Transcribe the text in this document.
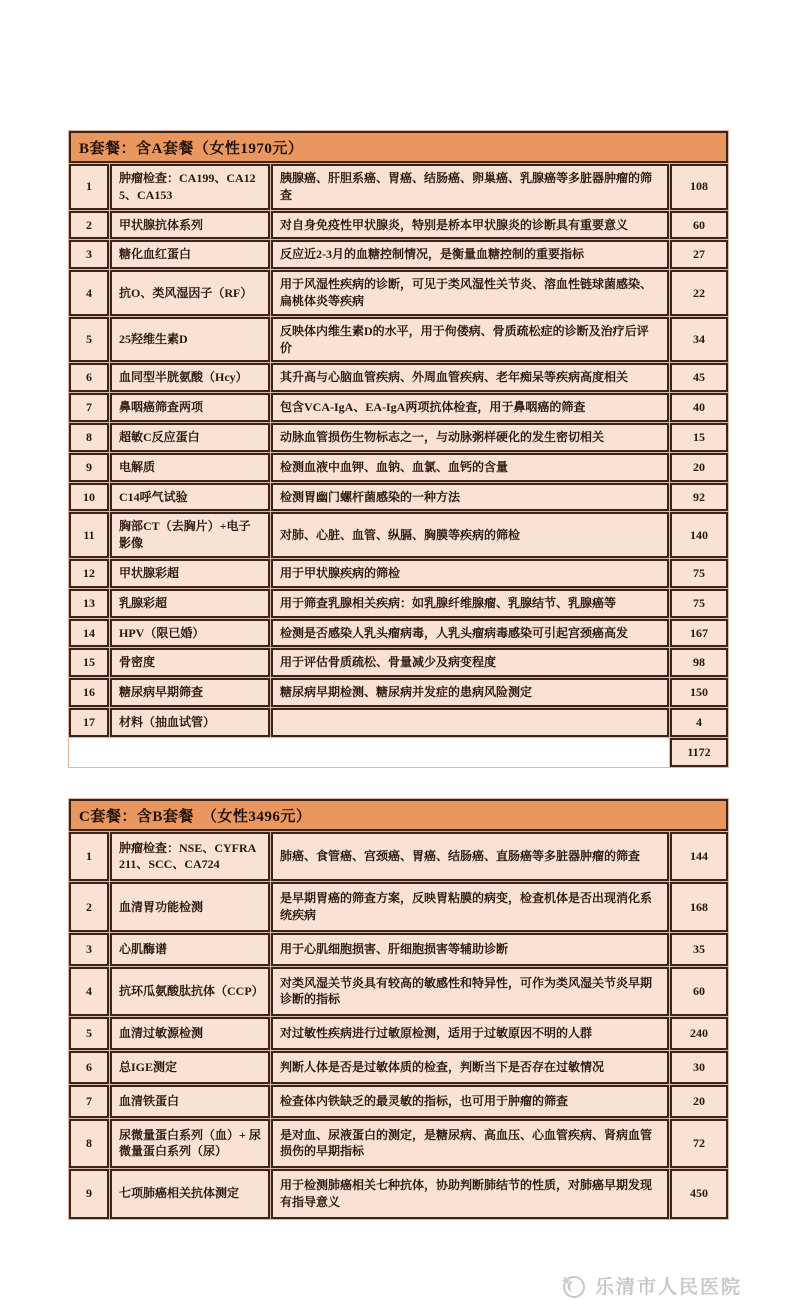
B套餐：含A套餐（女性1970元）			
1	肿瘤检查：CA199、CA125、CA153	胰腺癌、肝胆系癌、胃癌、结肠癌、卵巢癌、乳腺癌等多脏器肿瘤的筛查	108
2	甲状腺抗体系列	对自身免疫性甲状腺炎，特别是桥本甲状腺炎的诊断具有重要意义	60
3	糖化血红蛋白	反应近2-3月的血糖控制情况，是衡量血糖控制的重要指标	27
4	抗O、类风湿因子（RF）	用于风湿性疾病的诊断，可见于类风湿性关节炎、溶血性链球菌感染、扁桃体炎等疾病	22
5	25羟维生素D	反映体内维生素D的水平，用于佝偻病、骨质疏松症的诊断及治疗后评价	34
6	血同型半胱氨酸（Hcy）	其升高与心脑血管疾病、外周血管疾病、老年痴呆等疾病高度相关	45
7	鼻咽癌筛查两项	包含VCA-IgA、EA-IgA两项抗体检查，用于鼻咽癌的筛查	40
8	超敏C反应蛋白	动脉血管损伤生物标志之一，与动脉粥样硬化的发生密切相关	15
9	电解质	检测血液中血钾、血钠、血氯、血钙的含量	20
10	C14呼气试验	检测胃幽门螺杆菌感染的一种方法	92
11	胸部CT（去胸片）+电子影像	对肺、心脏、血管、纵膈、胸膜等疾病的筛检	140
12	甲状腺彩超	用于甲状腺疾病的筛检	75
13	乳腺彩超	用于筛查乳腺相关疾病：如乳腺纤维腺瘤、乳腺结节、乳腺癌等	75
14	HPV（限已婚）	检测是否感染人乳头瘤病毒，人乳头瘤病毒感染可引起宫颈癌高发	167
15	骨密度	用于评估骨质疏松、骨量减少及病变程度	98
16	糖尿病早期筛查	糖尿病早期检测、糖尿病并发症的患病风险测定	150
17	材料（抽血试管）		4
			1172
C套餐：含B套餐　（女性3496元）			
1	肿瘤检查：NSE、CYFRA211、SCC、CA724	肺癌、食管癌、宫颈癌、胃癌、结肠癌、直肠癌等多脏器肿瘤的筛查	144
2	血清胃功能检测	是早期胃癌的筛查方案，反映胃粘膜的病变，检查机体是否出现消化系统疾病	168
3	心肌酶谱	用于心肌细胞损害、肝细胞损害等辅助诊断	35
4	抗环瓜氨酸肽抗体（CCP）	对类风湿关节炎具有较高的敏感性和特异性，可作为类风湿关节炎早期诊断的指标	60
5	血清过敏源检测	对过敏性疾病进行过敏原检测，适用于过敏原因不明的人群	240
6	总IGE测定	判断人体是否是过敏体质的检查，判断当下是否存在过敏情况	30
7	血清铁蛋白	检查体内铁缺乏的最灵敏的指标，也可用于肿瘤的筛查	20
8	尿微量蛋白系列（血）+ 尿微量蛋白系列（尿）	是对血、尿液蛋白的测定，是糖尿病、高血压、心血管疾病、肾病血管损伤的早期指标	72
9	七项肺癌相关抗体测定	用于检测肺癌相关七种抗体，协助判断肺结节的性质，对肺癌早期发现有指导意义	450
乐清市人民医院
